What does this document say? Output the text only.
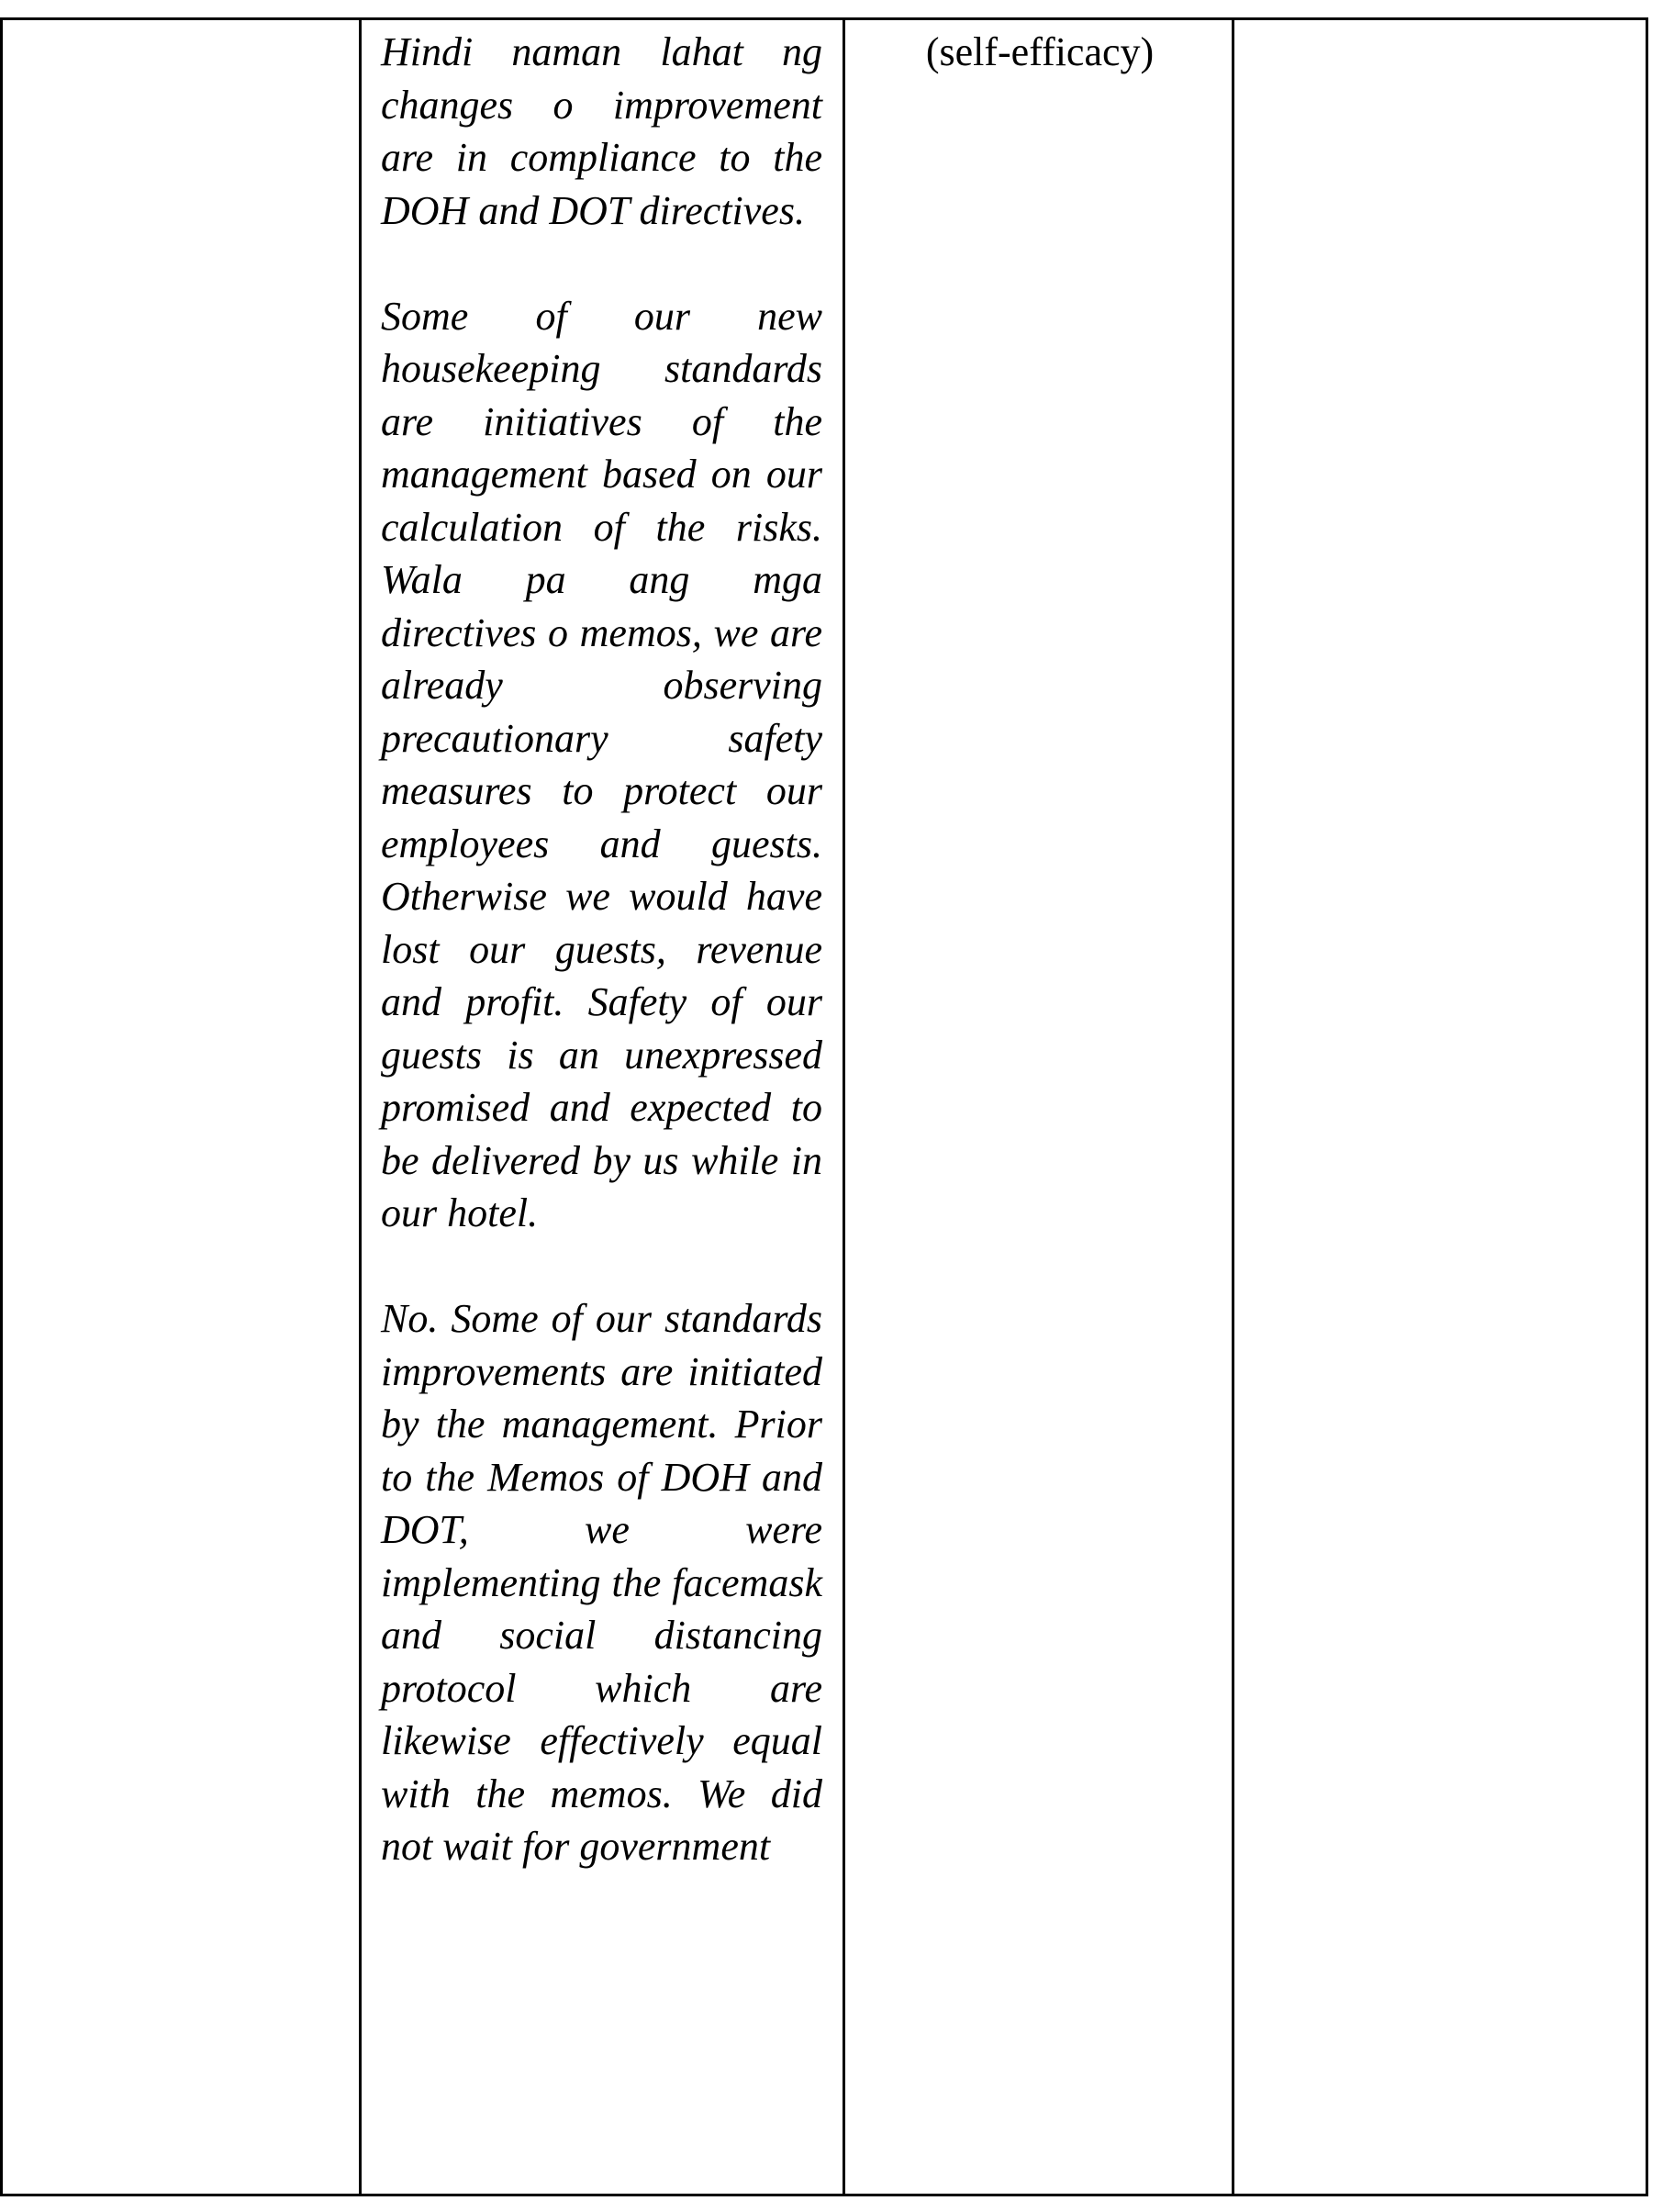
Hindi naman lahat ng changes o improvement are in compliance to the DOH and DOT directives.

Some of our new housekeeping standards are initiatives of the management based on our calculation of the risks. Wala pa ang mga directives o memos, we are already observing precautionary safety measures to protect our employees and guests. Otherwise we would have lost our guests, revenue and profit. Safety of our guests is an unexpressed promised and expected to be delivered by us while in our hotel.

No. Some of our standards improvements are initiated by the management. Prior to the Memos of DOH and DOT, we were implementing the facemask and social distancing protocol which are likewise effectively equal with the memos. We did not wait for government

(self-efficacy)
